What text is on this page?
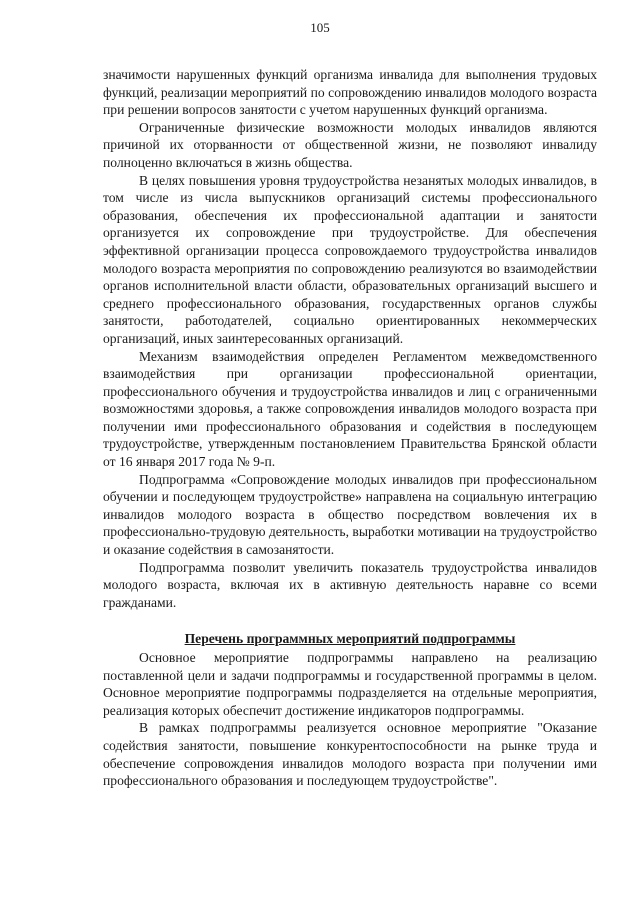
105

значимости нарушенных функций организма инвалида для выполнения трудовых функций, реализации мероприятий по сопровождению инвалидов молодого возраста при решении вопросов занятости с учетом нарушенных функций организма.

Ограниченные физические возможности молодых инвалидов являются причиной их оторванности от общественной жизни, не позволяют инвалиду полноценно включаться в жизнь общества.

В целях повышения уровня трудоустройства незанятых молодых инвалидов, в том числе из числа выпускников организаций системы профессионального образования, обеспечения их профессиональной адаптации и занятости организуется их сопровождение при трудоустройстве. Для обеспечения эффективной организации процесса сопровождаемого трудоустройства инвалидов молодого возраста мероприятия по сопровождению реализуются во взаимодействии органов исполнительной власти области, образовательных организаций высшего и среднего профессионального образования, государственных органов службы занятости, работодателей, социально ориентированных некоммерческих организаций, иных заинтересованных организаций.

Механизм взаимодействия определен Регламентом межведомственного взаимодействия при организации профессиональной ориентации, профессионального обучения и трудоустройства инвалидов и лиц с ограниченными возможностями здоровья, а также сопровождения инвалидов молодого возраста при получении ими профессионального образования и содействия в последующем трудоустройстве, утвержденным постановлением Правительства Брянской области от 16 января 2017 года № 9-п.

Подпрограмма «Сопровождение молодых инвалидов при профессиональном обучении и последующем трудоустройстве» направлена на социальную интеграцию инвалидов молодого возраста в общество посредством вовлечения их в профессионально-трудовую деятельность, выработки мотивации на трудоустройство и оказание содействия в самозанятости.

Подпрограмма позволит увеличить показатель трудоустройства инвалидов молодого возраста, включая их в активную деятельность наравне со всеми гражданами.

Перечень программных мероприятий подпрограммы

Основное мероприятие подпрограммы направлено на реализацию поставленной цели и задачи подпрограммы и государственной программы в целом. Основное мероприятие подпрограммы подразделяется на отдельные мероприятия, реализация которых обеспечит достижение индикаторов подпрограммы.

В рамках подпрограммы реализуется основное мероприятие "Оказание содействия занятости, повышение конкурентоспособности на рынке труда и обеспечение сопровождения инвалидов молодого возраста при получении ими профессионального образования и последующем трудоустройстве".
